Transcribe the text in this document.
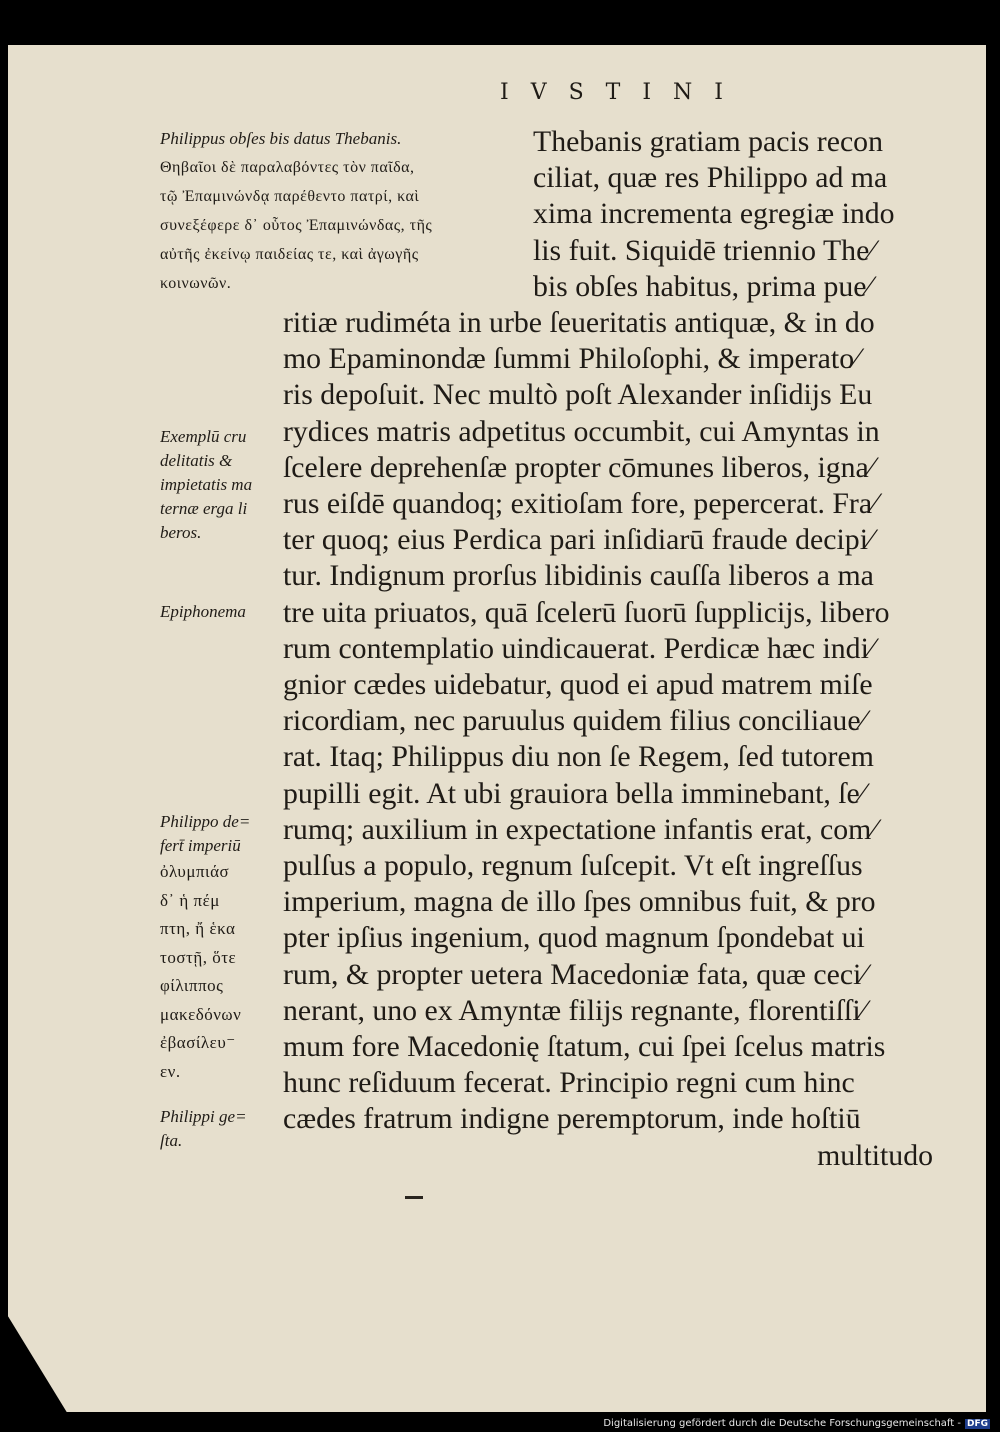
IVSTINI
Thebanis gratiam pacis recon
ciliat, quæ res Philippo ad ma
xima incrementa egregiæ indo
lis fuit. Siquidē triennio The⁄
bis obſes habitus, prima pue⁄
ritiæ rudiméta in urbe ſeueritatis antiquæ, & in do
mo Epaminondæ ſummi Philoſophi, & imperato⁄
ris depoſuit. Nec multò poſt Alexander inſidijs Eu
rydices matris adpetitus occumbit, cui Amyntas in
ſcelere deprehenſæ propter cōmunes liberos, igna⁄
rus eiſdē quandoq; exitioſam fore, pepercerat. Fra⁄
ter quoq; eius Perdica pari inſidiarū fraude decipi⁄
tur. Indignum prorſus libidinis cauſſa liberos a ma
tre uita priuatos, quā ſcelerū ſuorū ſupplicijs, libero
rum contemplatio uindicauerat. Perdicæ hæc indi⁄
gnior cædes uidebatur, quod ei apud matrem miſe
ricordiam, nec paruulus quidem filius conciliaue⁄
rat. Itaq; Philippus diu non ſe Regem, ſed tutorem
pupilli egit. At ubi grauiora bella imminebant, ſe⁄
rumq; auxilium in expectatione infantis erat, com⁄
pulſus a populo, regnum ſuſcepit. Vt eſt ingreſſus
imperium, magna de illo ſpes omnibus fuit, & pro
pter ipſius ingenium, quod magnum ſpondebat ui
rum, & propter uetera Macedoniæ fata, quæ ceci⁄
nerant, uno ex Amyntæ filijs regnante, florentiſſi⁄
mum fore Macedonię ſtatum, cui ſpei ſcelus matris
hunc reſiduum fecerat. Principio regni cum hinc
cædes fratrum indigne peremptorum, inde hoſtiū
multitudo
Philippus obſes bis datus Thebanis.
Θηβαῖοι δὲ παραλαβόντες τὸν παῖδα,
τῷ Ἐπαμινώνδᾳ παρέθεντο πατρί, καὶ
συνεξέφερε δ᾽ οὗτος Ἐπαμινώνδας, τῆς
αὐτῆς ἐκείνῳ παιδείας τε, καὶ ἀγωγῆς
κοινωνῶν.
Exemplū cru
delitatis &
impietatis ma
ternæ erga li
beros.
Epiphonema
Philippo de=
fert̄ imperiū
ὀλυμπιάσ
δ᾽ ἡ πέμ
πτη, ἤ ἑκα
τοστῇ, ὅτε
φίλιππος
μακεδόνων
ἐβασίλευ⁻
εν.
Philippi ge=
ſta.
Digitalisierung gefördert durch die Deutsche Forschungsgemeinschaft - DFG
